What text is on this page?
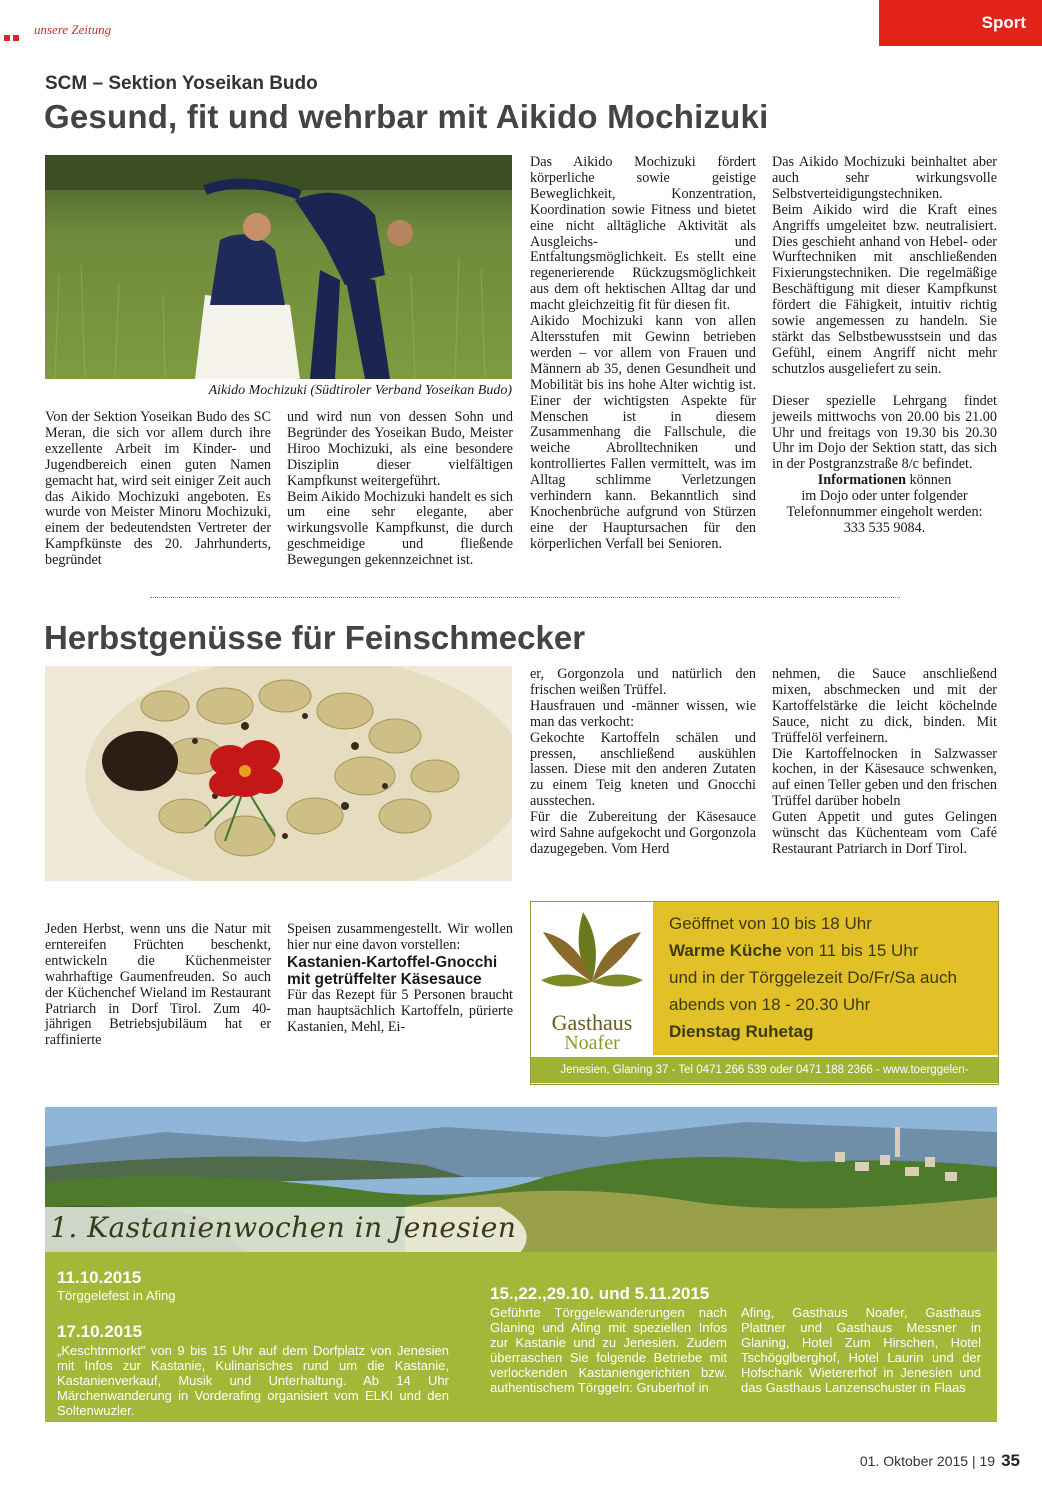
unsere Zeitung	Sport
SCM – Sektion Yoseikan Budo
Gesund, fit und wehrbar mit Aikido Mochizuki
Aikido Mochizuki (Südtiroler Verband Yoseikan Budo)

Von der Sektion Yoseikan Budo des SC Meran, die sich vor allem durch ihre exzellente Arbeit im Kinder- und Jugendbereich einen guten Namen gemacht hat, wird seit einiger Zeit auch das Aikido Mochizuki angeboten. Es wurde von Meister Minoru Mochizuki, einem der bedeutendsten Vertreter der Kampfkünste des 20. Jahrhunderts, begründet

und wird nun von dessen Sohn und Begründer des Yoseikan Budo, Meister Hiroo Mochizuki, als eine besondere Disziplin dieser vielfältigen Kampfkunst weitergeführt.

Beim Aikido Mochizuki handelt es sich um eine sehr elegante, aber wirkungsvolle Kampfkunst, die durch geschmeidige und fließende Bewegungen gekennzeichnet ist.

Das Aikido Mochizuki fördert körperliche sowie geistige Beweglichkeit, Konzentration, Koordination sowie Fitness und bietet eine nicht alltägliche Aktivität als Ausgleichs- und Entfaltungsmöglichkeit. Es stellt eine regenerierende Rückzugsmöglichkeit aus dem oft hektischen Alltag dar und macht gleichzeitig fit für diesen fit.

Aikido Mochizuki kann von allen Altersstufen mit Gewinn betrieben werden – vor allem von Frauen und Männern ab 35, denen Gesundheit und Mobilität bis ins hohe Alter wichtig ist. Einer der wichtigsten Aspekte für Menschen ist in diesem Zusammenhang die Fallschule, die weiche Abrolltechniken und kontrolliertes Fallen vermittelt, was im Alltag schlimme Verletzungen verhindern kann. Bekanntlich sind Knochenbrüche aufgrund von Stürzen eine der Hauptursachen für den körperlichen Verfall bei Senioren.

Das Aikido Mochizuki beinhaltet aber auch sehr wirkungsvolle Selbstverteidigungstechniken.

Beim Aikido wird die Kraft eines Angriffs umgeleitet bzw. neutralisiert. Dies geschieht anhand von Hebel- oder Wurftechniken mit anschließenden Fixierungstechniken. Die regelmäßige Beschäftigung mit dieser Kampfkunst fördert die Fähigkeit, intuitiv richtig sowie angemessen zu handeln. Sie stärkt das Selbstbewusstsein und das Gefühl, einem Angriff nicht mehr schutzlos ausgeliefert zu sein.

Dieser spezielle Lehrgang findet jeweils mittwochs von 20.00 bis 21.00 Uhr und freitags von 19.30 bis 20.30 Uhr im Dojo der Sektion statt, das sich in der Postgranzstraße 8/c befindet.

Informationen können
im Dojo oder unter folgender
Telefonnummer eingeholt werden:
333 535 9084.
Herbstgenüsse für Feinschmecker

Jeden Herbst, wenn uns die Natur mit erntereifen Früchten beschenkt, entwickeln die Küchenmeister wahrhaftige Gaumenfreuden. So auch der Küchenchef Wieland im Restaurant Patriarch in Dorf Tirol. Zum 40-jährigen Betriebsjubiläum hat er raffinierte

Speisen zusammengestellt. Wir wollen hier nur eine davon vorstellen:

Kastanien-Kartoffel-Gnocchi mit getrüffelter Käsesauce

Für das Rezept für 5 Personen braucht man hauptsächlich Kartoffeln, pürierte Kastanien, Mehl, Ei-

er, Gorgonzola und natürlich den frischen weißen Trüffel.

Hausfrauen und -männer wissen, wie man das verkocht:

Gekochte Kartoffeln schälen und pressen, anschließend auskühlen lassen. Diese mit den anderen Zutaten zu einem Teig kneten und Gnocchi ausstechen.

Für die Zubereitung der Käsesauce wird Sahne aufgekocht und Gorgonzola dazugegeben. Vom Herd

nehmen, die Sauce anschließend mixen, abschmecken und mit der Kartoffelstärke die leicht köchelnde Sauce, nicht zu dick, binden. Mit Trüffelöl verfeinern.

Die Kartoffelnocken in Salzwasser kochen, in der Käsesauce schwenken, auf einen Teller geben und den frischen Trüffel darüber hobeln

Guten Appetit und gutes Gelingen wünscht das Küchenteam vom Café Restaurant Patriarch in Dorf Tirol.

Gasthaus
Noafer
Geöffnet von 10 bis 18 Uhr
Warme Küche von 11 bis 15 Uhr
und in der Törggelezeit Do/Fr/Sa auch
abends von 18 - 20.30 Uhr
Dienstag Ruhetag
Jenesien, Glaning 37 - Tel 0471 266 539 oder 0471 188 2366 - www.toerggelen-jenesien.com
1. Kastanienwochen in Jenesien
11.10.2015
Törggelefest in Afing
17.10.2015
„Keschtnmorkt" von 9 bis 15 Uhr auf dem Dorfplatz von Jenesien mit Infos zur Kastanie, Kulinarisches rund um die Kastanie, Kastanienverkauf, Musik und Unterhaltung. Ab 14 Uhr Märchenwanderung in Vorderafing organisiert vom ELKI und den Soltenwuzler.
15.,22.,29.10. und 5.11.2015
Geführte Törggelewanderungen nach Glaning und Afing mit speziellen Infos zur Kastanie und zu Jenesien. Zudem überraschen Sie folgende Betriebe mit verlockenden Kastaniengerichten bzw. authentischem Törggeln: Gruberhof in
Afing, Gasthaus Noafer, Gasthaus Plattner und Gasthaus Messner in Glaning, Hotel Zum Hirschen, Hotel Tschögglberghof, Hotel Laurin und der Hofschank Wietererhof in Jenesien und das Gasthaus Lanzenschuster in Flaas
01. Oktober 2015 | 19 35
